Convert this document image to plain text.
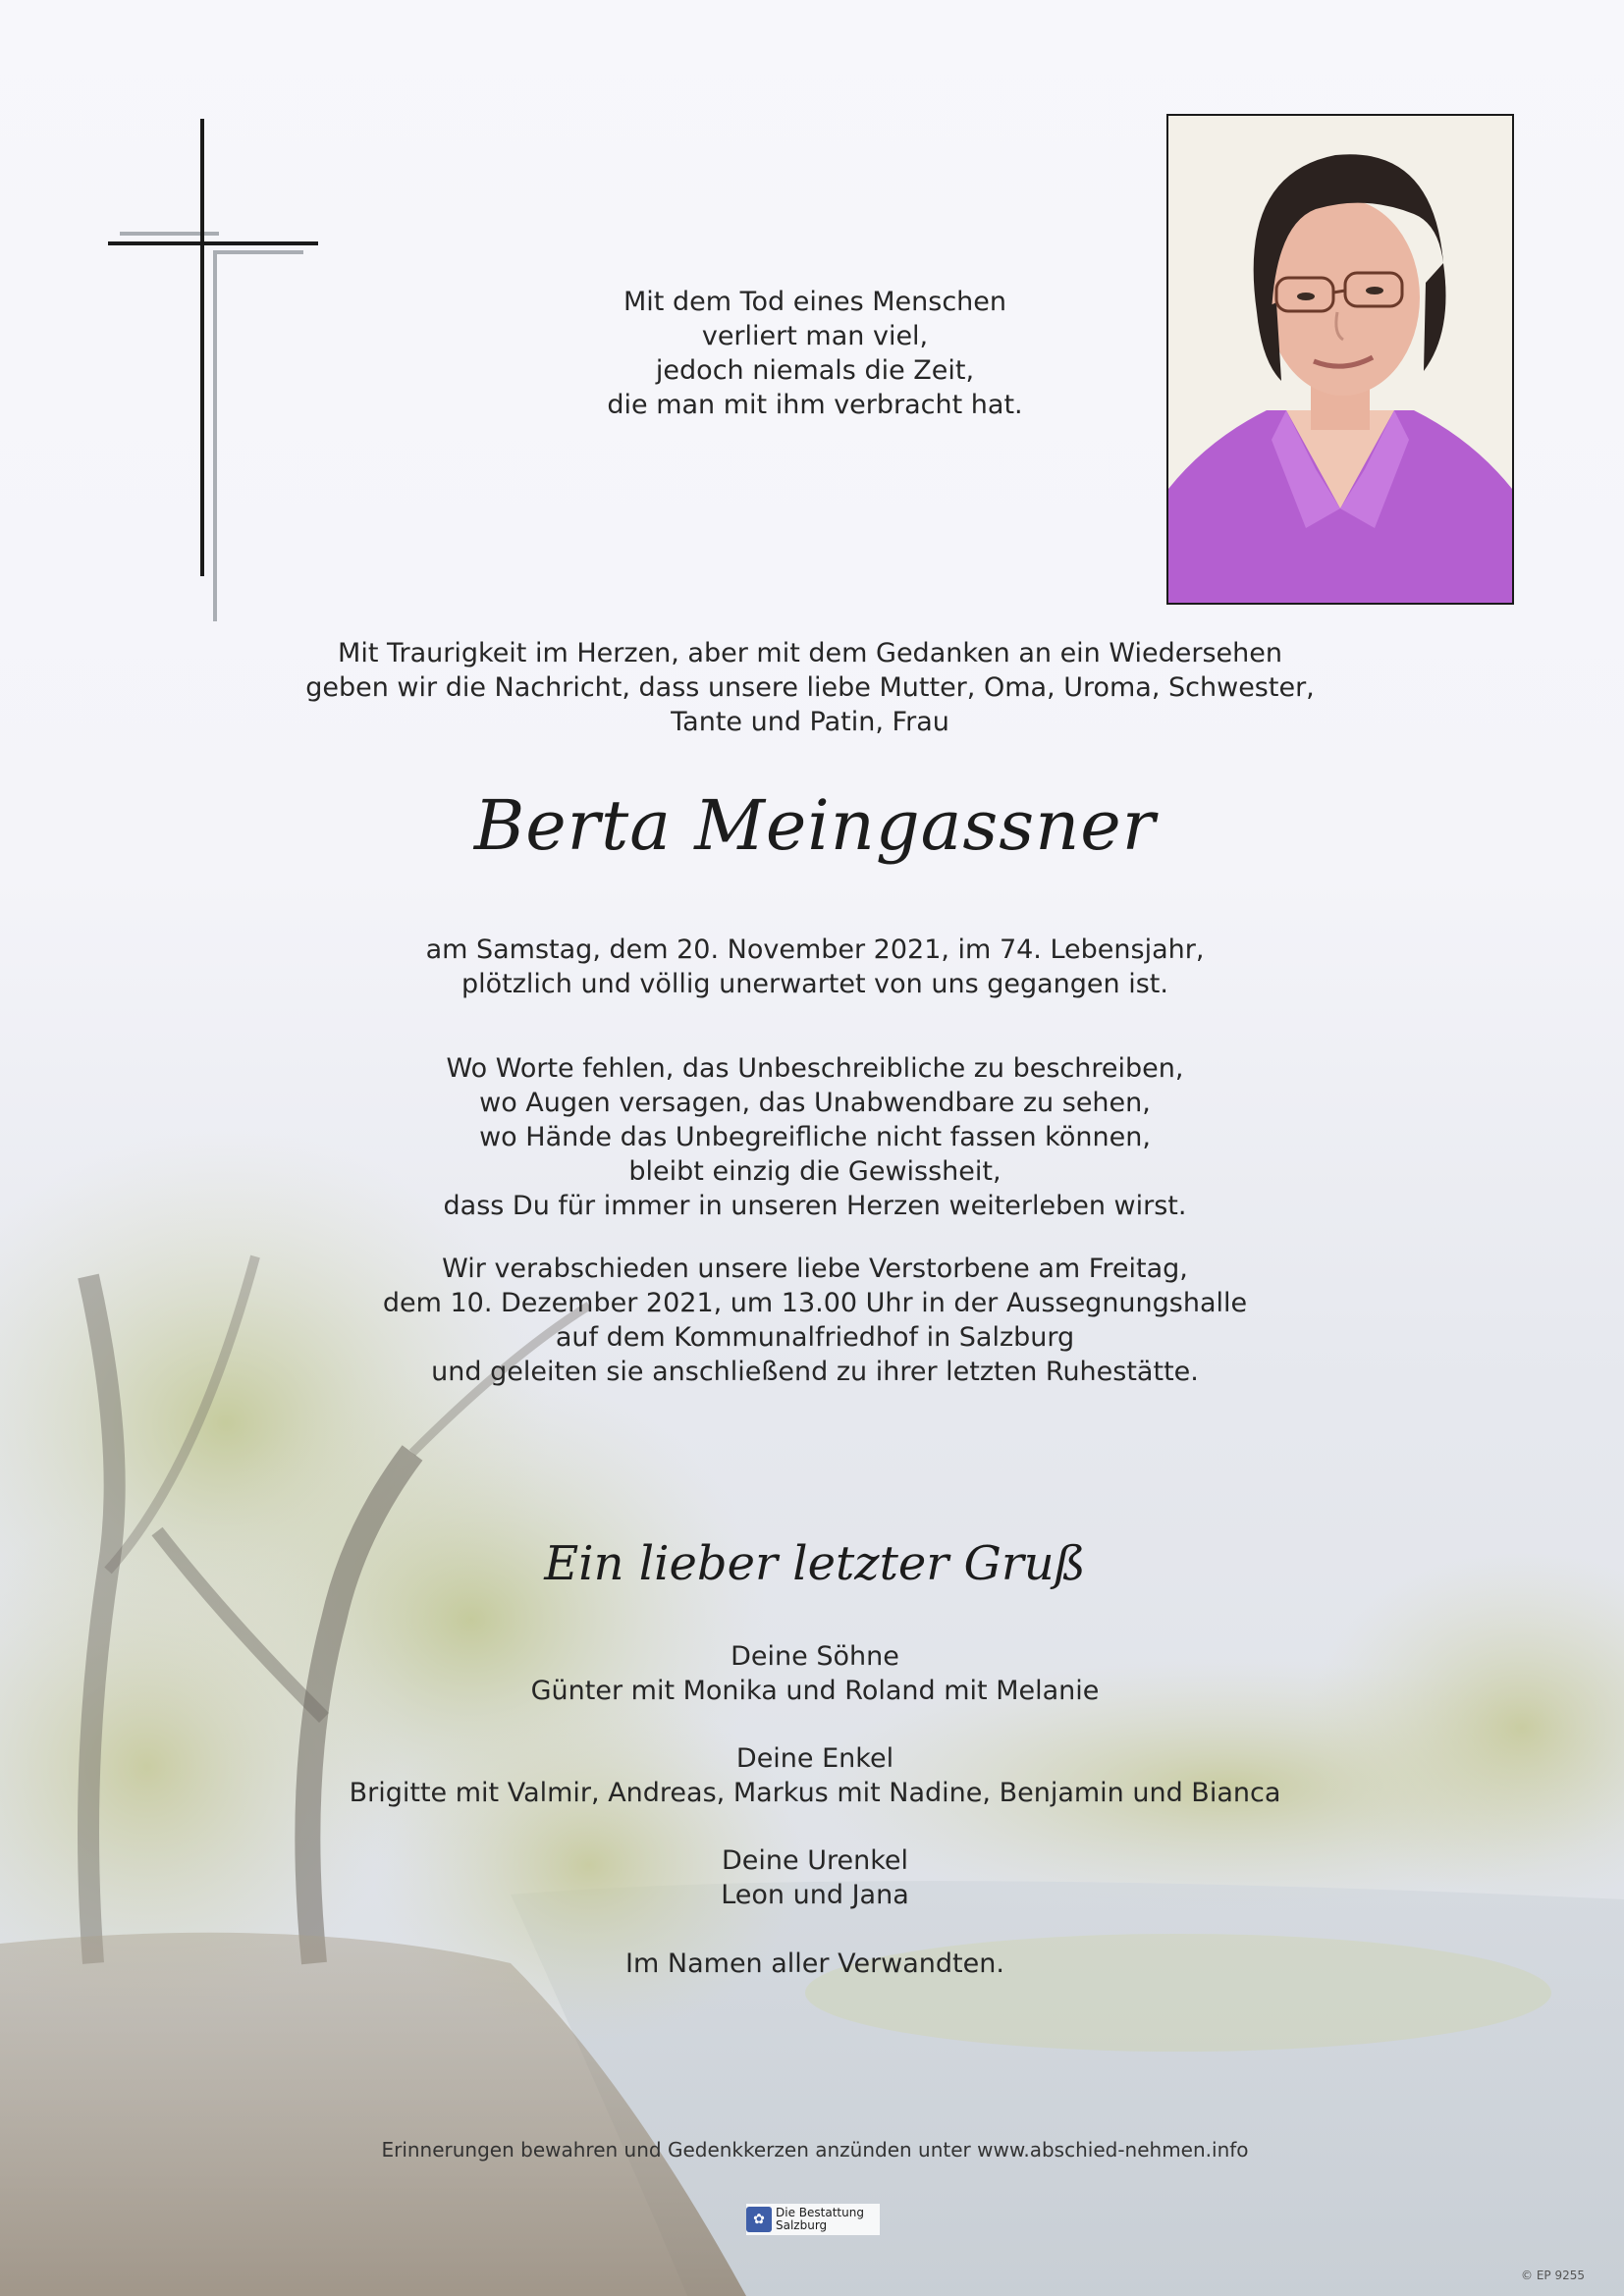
Mit dem Tod eines Menschen
verliert man viel,
jedoch niemals die Zeit,
die man mit ihm verbracht hat.
Mit Traurigkeit im Herzen, aber mit dem Gedanken an ein Wiedersehen
geben wir die Nachricht, dass unsere liebe Mutter, Oma, Uroma, Schwester,
Tante und Patin, Frau
Berta Meingassner
am Samstag, dem 20. November 2021, im 74. Lebensjahr,
plötzlich und völlig unerwartet von uns gegangen ist.
Wo Worte fehlen, das Unbeschreibliche zu beschreiben,
wo Augen versagen, das Unabwendbare zu sehen,
wo Hände das Unbegreifliche nicht fassen können,
bleibt einzig die Gewissheit,
dass Du für immer in unseren Herzen weiterleben wirst.
Wir verabschieden unsere liebe Verstorbene am Freitag,
dem 10. Dezember 2021, um 13.00 Uhr in der Aussegnungshalle
auf dem Kommunalfriedhof in Salzburg
und geleiten sie anschließend zu ihrer letzten Ruhestätte.
Ein lieber letzter Gruß
Deine Söhne
Günter mit Monika und Roland mit Melanie
Deine Enkel
Brigitte mit Valmir, Andreas, Markus mit Nadine, Benjamin und Bianca
Deine Urenkel
Leon und Jana
Im Namen aller Verwandten.
Erinnerungen bewahren und Gedenkkerzen anzünden unter www.abschied-nehmen.info
✿ Die Bestattung
Salzburg
© EP 9255
